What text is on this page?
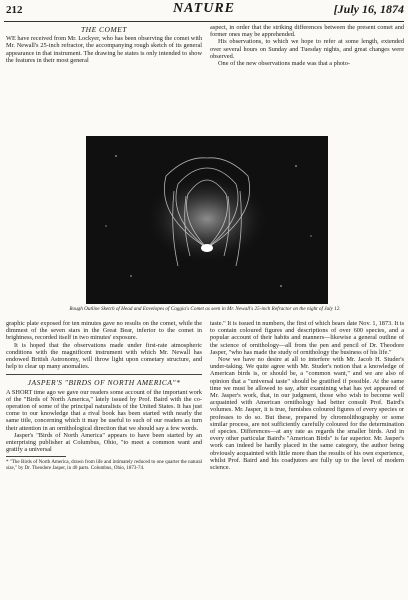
212	NATURE	[July 16, 1874
THE COMET

WE have received from Mr. Lockyer, who has been observing the comet with Mr. Newall's 25-inch refractor, the accompanying rough sketch of its general appearance in that instrument. The drawing he states is only intended to show the features in their most general

aspect, in order that the striking differences between the present comet and former ones may be apprehended.

His observations, to which we hope to refer at some length, extended over several hours on Sunday and Tuesday nights, and great changes were observed.

One of the new observations made was that a photo-

Rough Outline Sketch of Head and Envelopes of Coggia's Comet as seen in Mr. Newall's 25-inch Refractor on the night of July 12.

graphic plate exposed for ten minutes gave no results on the comet, while the dimmest of the seven stars in the Great Bear, inferior to the comet in brightness, recorded itself in two minutes' exposure.

It is hoped that the observations made under first-rate atmospheric conditions with the magnificent instrument with which Mr. Newall has endowed British Astronomy, will throw light upon cometary structure, and help to clear up many anomalies.

JASPER'S "BIRDS OF NORTH AMERICA"*

A SHORT time ago we gave our readers some account of the important work of the "Birds of North America," lately issued by Prof. Baird with the co-operation of some of the principal naturalists of the United States. It has just come to our knowledge that a rival book has been started with nearly the same title, concerning which it may be useful to such of our readers as turn their attention in an ornithological direction that we should say a few words.

Jasper's "Birds of North America" appears to have been started by an enterprising publisher at Columbus, Ohio, "to meet a common want and gratify a universal

* "The Birds of North America, drawn from life and intimately reduced to one quarter the natural size," by Dr. Theodore Jasper, in 40 parts. Columbus, Ohio, 1873-74.

taste." It is issued in numbers, the first of which bears date Nov. 1, 1873. It is to contain coloured figures and descriptions of over 600 species, and a popular account of their habits and manners—likewise a general outline of the science of ornithology—all from the pen and pencil of Dr. Theodore Jasper, "who has made the study of ornithology the business of his life."

Now we have no desire at all to interfere with Mr. Jacob H. Studer's under-taking. We quite agree with Mr. Studer's notion that a knowledge of American birds is, or should be, a "common want," and we are also of opinion that a "universal taste" should be gratified if possible. At the same time we must be allowed to say, after examining what has yet appeared of Mr. Jasper's work, that, in our judgment, those who wish to become well acquainted with American ornithology had better consult Prof. Baird's volumes. Mr. Jasper, it is true, furnishes coloured figures of every species or professes to do so. But these, prepared by chromolithography or some similar process, are not sufficiently carefully coloured for the determination of species. Differences—at any rate as regards the smaller birds. And in every other particular Baird's "American Birds" is far superior. Mr. Jasper's work can indeed be hardly placed in the same category, the author being obviously acquainted with little more than the results of his own experience, whilst Prof. Baird and his coadjutors are fully up to the level of modern science.
